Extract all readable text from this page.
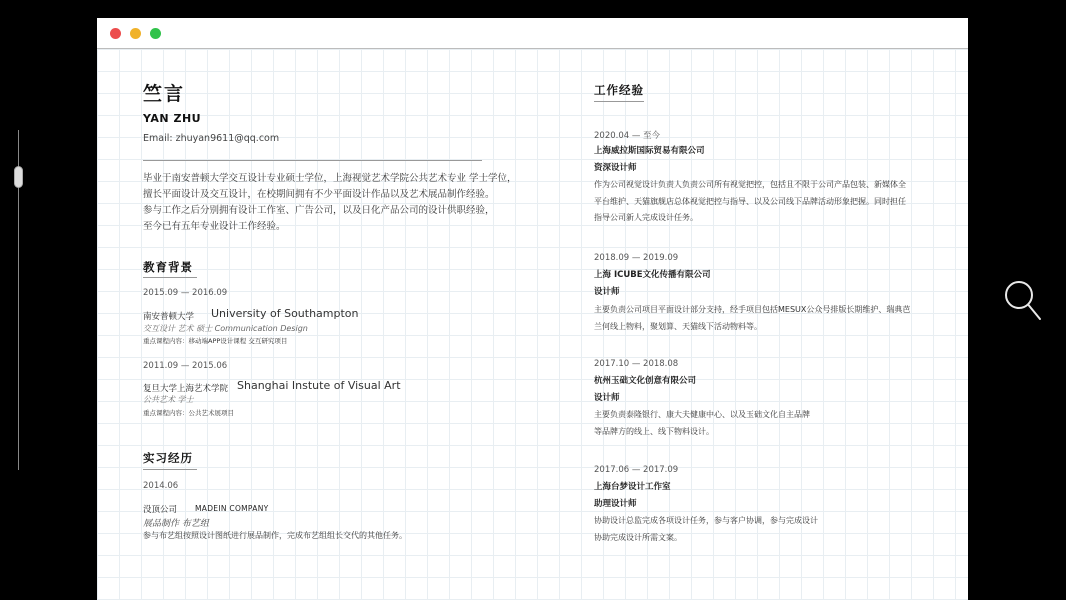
竺言
YAN ZHU
Email: zhuyan9611@qq.com
毕业于南安普顿大学交互设计专业硕士学位，上海视觉艺术学院公共艺术专业 学士学位，
擅长平面设计及交互设计，在校期间拥有不少平面设计作品以及艺术展品制作经验。
参与工作之后分别拥有设计工作室、广告公司，以及日化产品公司的设计供职经验，
至今已有五年专业设计工作经验。
教育背景
2015.09 — 2016.09
南安普顿大学 University of Southampton
交互设计 艺术 硕士 Communication Design
重点课程内容：移动端APP设计课程 交互研究项目
2011.09 — 2015.06
复旦大学上海艺术学院 Shanghai Instute of Visual Art
公共艺术 学士
重点课程内容：公共艺术展项目
实习经历
2014.06
没顶公司 MADEIN COMPANY
展品制作 布艺组
参与布艺组按照设计图纸进行展品制作，完成布艺组组长交代的其他任务。
工作经验
2020.04 — 至今
上海威拉斯国际贸易有限公司
资深设计师
作为公司视觉设计负责人负责公司所有视觉把控，包括且不限于公司产品包装、新媒体全
平台维护、天猫旗舰店总体视觉把控与指导、以及公司线下品牌活动形象把握。同时担任
指导公司新人完成设计任务。
2018.09 — 2019.09
上海 ICUBE文化传播有限公司
设计师
主要负责公司项目平面设计部分支持，经手项目包括MESUX公众号排版长期维护、瑞典芭
兰何线上物料，聚划算、天猫线下活动物料等。
2017.10 — 2018.08
杭州玉础文化创意有限公司
设计师
主要负责泰隆银行、康大夫健康中心、以及玉础文化自主品牌
等品牌方的线上、线下物料设计。
2017.06 — 2017.09
上海台梦设计工作室
助理设计师
协助设计总监完成各项设计任务，参与客户协调，参与完成设计
协助完成设计所需文案。
